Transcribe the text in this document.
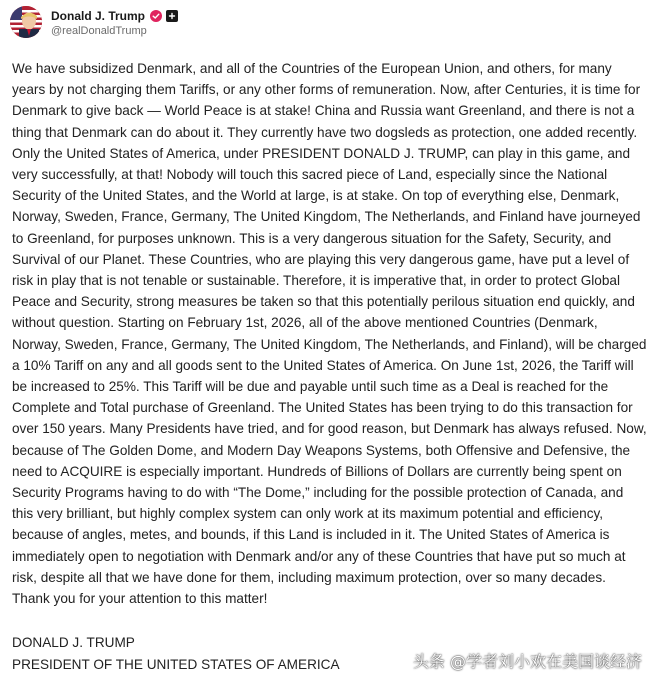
Donald J. Trump
@realDonaldTrump

We have subsidized Denmark, and all of the Countries of the European Union, and others, for many years by not charging them Tariffs, or any other forms of remuneration. Now, after Centuries, it is time for Denmark to give back — World Peace is at stake! China and Russia want Greenland, and there is not a thing that Denmark can do about it. They currently have two dogsleds as protection, one added recently. Only the United States of America, under PRESIDENT DONALD J. TRUMP, can play in this game, and very successfully, at that! Nobody will touch this sacred piece of Land, especially since the National Security of the United States, and the World at large, is at stake. On top of everything else, Denmark, Norway, Sweden, France, Germany, The United Kingdom, The Netherlands, and Finland have journeyed to Greenland, for purposes unknown. This is a very dangerous situation for the Safety, Security, and Survival of our Planet. These Countries, who are playing this very dangerous game, have put a level of risk in play that is not tenable or sustainable. Therefore, it is imperative that, in order to protect Global Peace and Security, strong measures be taken so that this potentially perilous situation end quickly, and without question. Starting on February 1st, 2026, all of the above mentioned Countries (Denmark, Norway, Sweden, France, Germany, The United Kingdom, The Netherlands, and Finland), will be charged a 10% Tariff on any and all goods sent to the United States of America. On June 1st, 2026, the Tariff will be increased to 25%. This Tariff will be due and payable until such time as a Deal is reached for the Complete and Total purchase of Greenland. The United States has been trying to do this transaction for over 150 years. Many Presidents have tried, and for good reason, but Denmark has always refused. Now, because of The Golden Dome, and Modern Day Weapons Systems, both Offensive and Defensive, the need to ACQUIRE is especially important. Hundreds of Billions of Dollars are currently being spent on Security Programs having to do with “The Dome,” including for the possible protection of Canada, and this very brilliant, but highly complex system can only work at its maximum potential and efficiency, because of angles, metes, and bounds, if this Land is included in it. The United States of America is immediately open to negotiation with Denmark and/or any of these Countries that have put so much at risk, despite all that we have done for them, including maximum protection, over so many decades. Thank you for your attention to this matter!

DONALD J. TRUMP
PRESIDENT OF THE UNITED STATES OF AMERICA	头条 @学者刘小欢在美国谈经济
